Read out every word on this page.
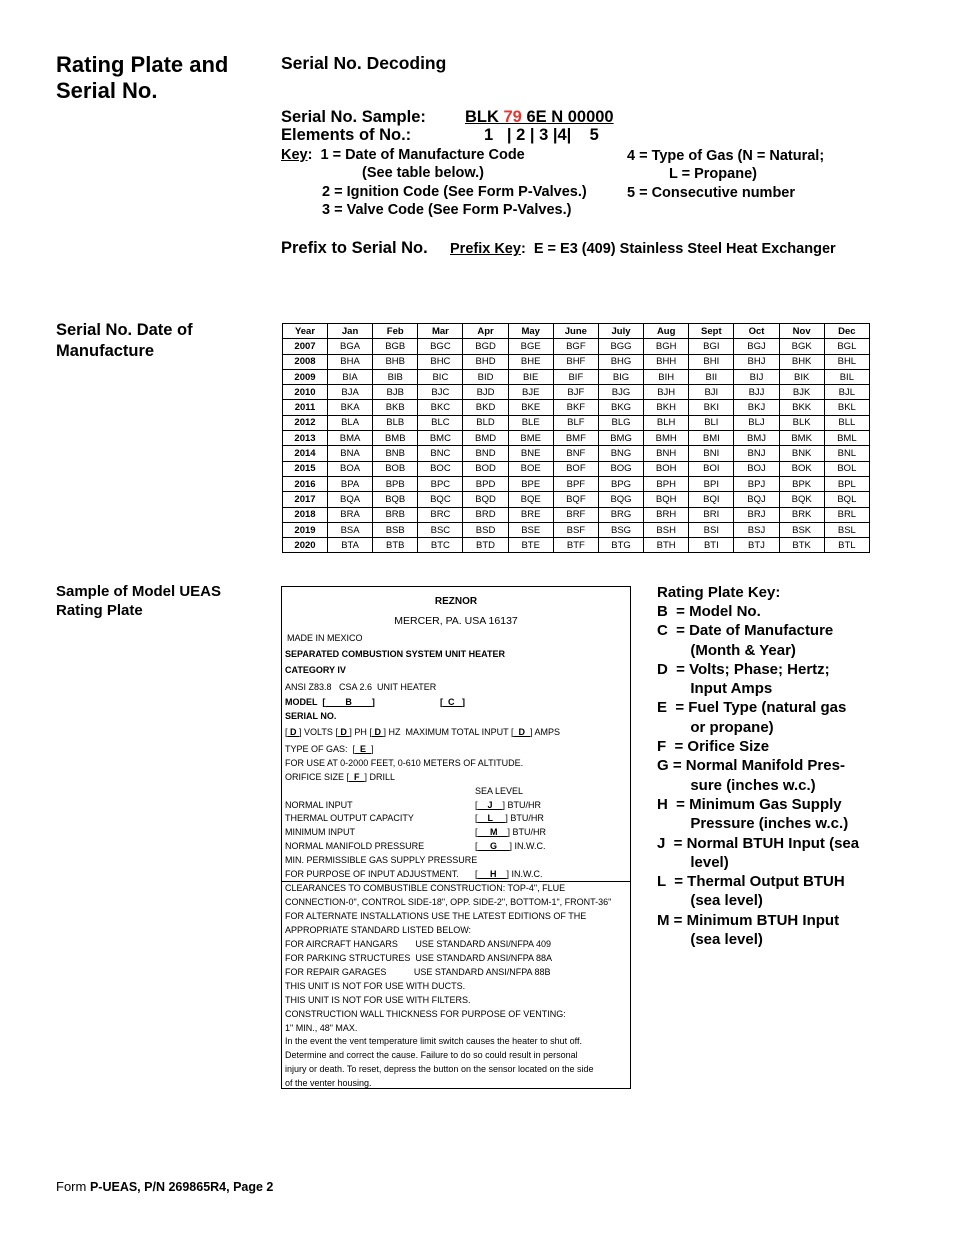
Rating Plate and
Serial No.
Serial No. Date of
Manufacture
Sample of Model UEAS
Rating Plate
Serial No. Decoding
Serial No. Sample: BLK 79 6E N 00000
Elements of No.:	1   | 2 | 3 |4|    5
Key:  1 = Date of Manufacture Code
(See table below.)
2 = Ignition Code (See Form P-Valves.)
3 = Valve Code (See Form P-Valves.)
4 = Type of Gas (N = Natural;
L = Propane)
5 = Consecutive number
Prefix to Serial No. Prefix Key:  E = E3 (409) Stainless Steel Heat Exchanger
Year	Jan	Feb	Mar	Apr	May	June	July	Aug	Sept	Oct	Nov	Dec
2007	BGA	BGB	BGC	BGD	BGE	BGF	BGG	BGH	BGI	BGJ	BGK	BGL
2008	BHA	BHB	BHC	BHD	BHE	BHF	BHG	BHH	BHI	BHJ	BHK	BHL
2009	BIA	BIB	BIC	BID	BIE	BIF	BIG	BIH	BII	BIJ	BIK	BIL
2010	BJA	BJB	BJC	BJD	BJE	BJF	BJG	BJH	BJI	BJJ	BJK	BJL
2011	BKA	BKB	BKC	BKD	BKE	BKF	BKG	BKH	BKI	BKJ	BKK	BKL
2012	BLA	BLB	BLC	BLD	BLE	BLF	BLG	BLH	BLI	BLJ	BLK	BLL
2013	BMA	BMB	BMC	BMD	BME	BMF	BMG	BMH	BMI	BMJ	BMK	BML
2014	BNA	BNB	BNC	BND	BNE	BNF	BNG	BNH	BNI	BNJ	BNK	BNL
2015	BOA	BOB	BOC	BOD	BOE	BOF	BOG	BOH	BOI	BOJ	BOK	BOL
2016	BPA	BPB	BPC	BPD	BPE	BPF	BPG	BPH	BPI	BPJ	BPK	BPL
2017	BQA	BQB	BQC	BQD	BQE	BQF	BQG	BQH	BQI	BQJ	BQK	BQL
2018	BRA	BRB	BRC	BRD	BRE	BRF	BRG	BRH	BRI	BRJ	BRK	BRL
2019	BSA	BSB	BSC	BSD	BSE	BSF	BSG	BSH	BSI	BSJ	BSK	BSL
2020	BTA	BTB	BTC	BTD	BTE	BTF	BTG	BTH	BTI	BTJ	BTK	BTL
REZNOR
MERCER, PA. USA 16137
MADE IN MEXICO
SEPARATED COMBUSTION SYSTEM UNIT HEATER
CATEGORY IV
ANSI Z83.8   CSA 2.6  UNIT HEATER
MODEL  [        B        ]	[  C   ]
SERIAL NO.
[ D ] VOLTS [ D ] PH [ D ] HZ  MAXIMUM TOTAL INPUT [  D  ] AMPS
TYPE OF GAS:  [  E  ]
FOR USE AT 0-2000 FEET, 0-610 METERS OF ALTITUDE.
ORIFICE SIZE [  F  ] DRILL
SEA LEVEL
NORMAL INPUT	[    J    ] BTU/HR
THERMAL OUTPUT CAPACITY	[    L     ] BTU/HR
MINIMUM INPUT	[     M    ] BTU/HR
NORMAL MANIFOLD PRESSURE	[     G     ] IN.W.C.
MIN. PERMISSIBLE GAS SUPPLY PRESSURE
FOR PURPOSE OF INPUT ADJUSTMENT. [     H    ] IN.W.C.
CLEARANCES TO COMBUSTIBLE CONSTRUCTION: TOP-4", FLUE
CONNECTION-0", CONTROL SIDE-18", OPP. SIDE-2", BOTTOM-1", FRONT-36"
FOR ALTERNATE INSTALLATIONS USE THE LATEST EDITIONS OF THE
APPROPRIATE STANDARD LISTED BELOW:
FOR AIRCRAFT HANGARS       USE STANDARD ANSI/NFPA 409
FOR PARKING STRUCTURES  USE STANDARD ANSI/NFPA 88A
FOR REPAIR GARAGES           USE STANDARD ANSI/NFPA 88B
THIS UNIT IS NOT FOR USE WITH DUCTS.
THIS UNIT IS NOT FOR USE WITH FILTERS.
CONSTRUCTION WALL THICKNESS FOR PURPOSE OF VENTING:
1" MIN., 48" MAX.
In the event the vent temperature limit switch causes the heater to shut off.
Determine and correct the cause. Failure to do so could result in personal
injury or death. To reset, depress the button on the sensor located on the side
of the venter housing.
Rating Plate Key:
B  = Model No.
C  = Date of Manufacture
(Month & Year)
D  = Volts; Phase; Hertz;
Input Amps
E  = Fuel Type (natural gas
or propane)
F  = Orifice Size
G = Normal Manifold Pres-
sure (inches w.c.)
H  = Minimum Gas Supply
Pressure (inches w.c.)
J  = Normal BTUH Input (sea
level)
L  = Thermal Output BTUH
(sea level)
M = Minimum BTUH Input
(sea level)
Form P-UEAS, P/N 269865R4, Page 2
